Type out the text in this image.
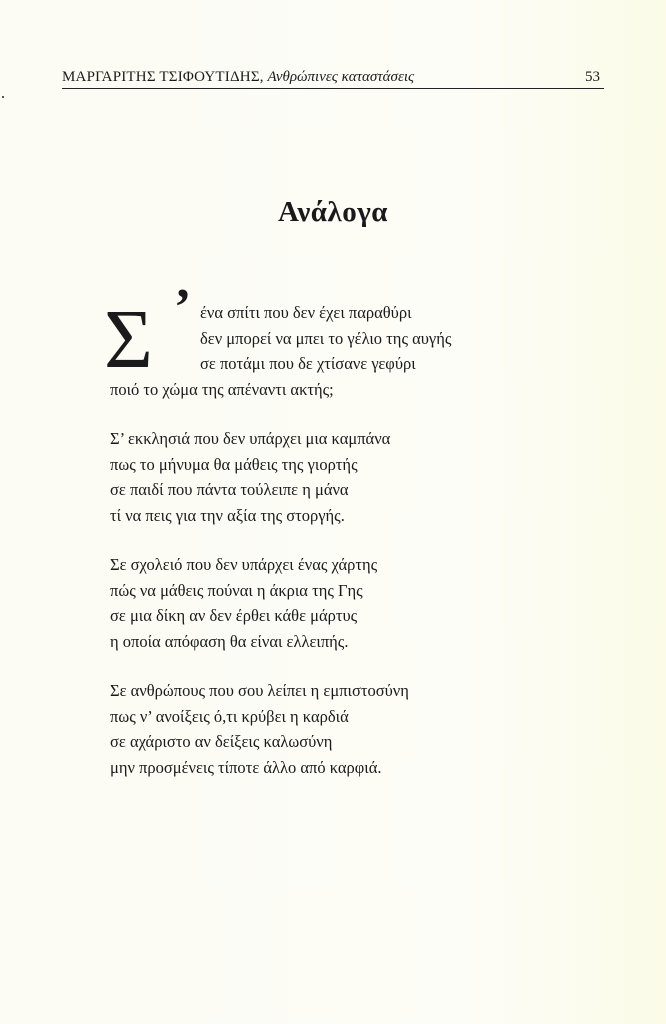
ΜΑΡΓΑΡΙΤΗΣ ΤΣΙΦΟΥΤΙΔΗΣ, Ανθρώπινες καταστάσεις	53
Ανάλογα
Σ ’ ένα σπίτι που δεν έχει παραθύρι
δεν μπορεί να μπει το γέλιο της αυγής
σε ποτάμι που δε χτίσανε γεφύρι
ποιό το χώμα της απέναντι ακτής;
Σ’ εκκλησιά που δεν υπάρχει μια καμπάνα
πως το μήνυμα θα μάθεις της γιορτής
σε παιδί που πάντα τούλειπε η μάνα
τί να πεις για την αξία της στοργής.
Σε σχολειό που δεν υπάρχει ένας χάρτης
πώς να μάθεις πούναι η άκρια της Γης
σε μια δίκη αν δεν έρθει κάθε μάρτυς
η οποία απόφαση θα είναι ελλειπής.
Σε ανθρώπους που σου λείπει η εμπιστοσύνη
πως ν’ ανοίξεις ό,τι κρύβει η καρδιά
σε αχάριστο αν δείξεις καλωσύνη
μην προσμένεις τίποτε άλλο από καρφιά.
